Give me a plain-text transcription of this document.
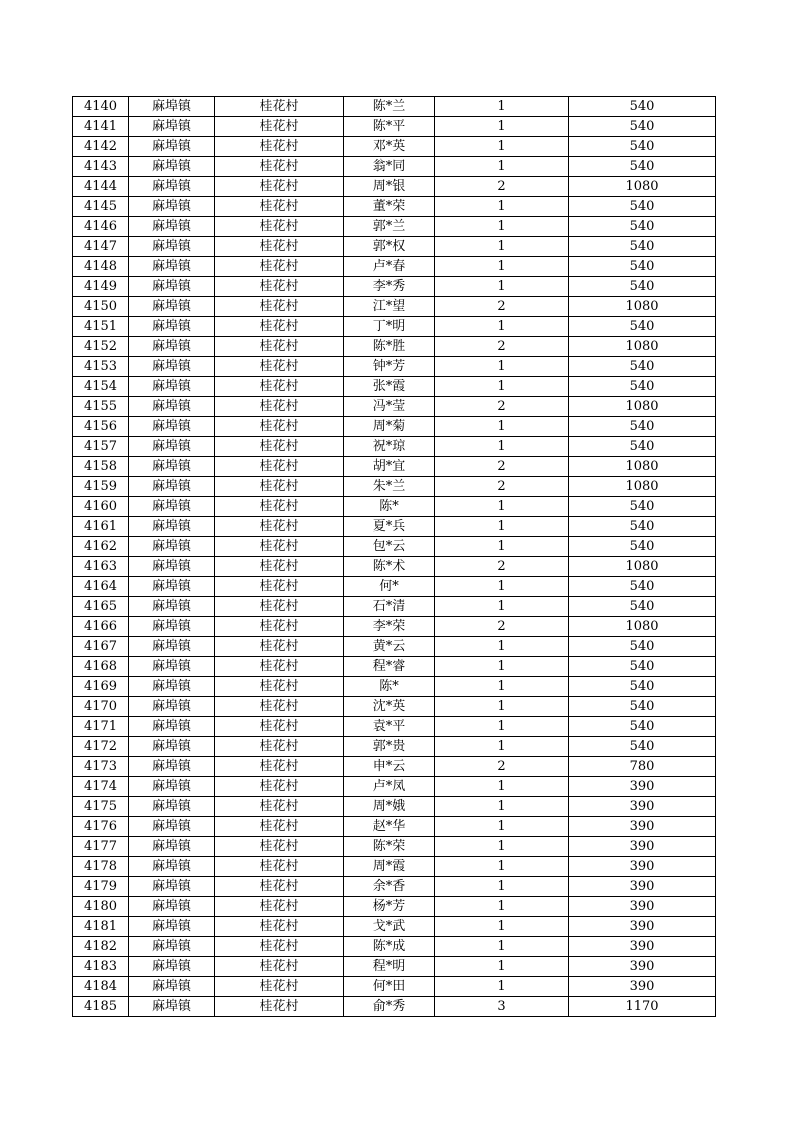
4140	麻埠镇	桂花村	陈*兰	1	540
4141	麻埠镇	桂花村	陈*平	1	540
4142	麻埠镇	桂花村	邓*英	1	540
4143	麻埠镇	桂花村	翁*同	1	540
4144	麻埠镇	桂花村	周*银	2	1080
4145	麻埠镇	桂花村	董*荣	1	540
4146	麻埠镇	桂花村	郭*兰	1	540
4147	麻埠镇	桂花村	郭*权	1	540
4148	麻埠镇	桂花村	卢*春	1	540
4149	麻埠镇	桂花村	李*秀	1	540
4150	麻埠镇	桂花村	江*望	2	1080
4151	麻埠镇	桂花村	丁*明	1	540
4152	麻埠镇	桂花村	陈*胜	2	1080
4153	麻埠镇	桂花村	钟*芳	1	540
4154	麻埠镇	桂花村	张*霞	1	540
4155	麻埠镇	桂花村	冯*莹	2	1080
4156	麻埠镇	桂花村	周*菊	1	540
4157	麻埠镇	桂花村	祝*琼	1	540
4158	麻埠镇	桂花村	胡*宜	2	1080
4159	麻埠镇	桂花村	朱*兰	2	1080
4160	麻埠镇	桂花村	陈*	1	540
4161	麻埠镇	桂花村	夏*兵	1	540
4162	麻埠镇	桂花村	包*云	1	540
4163	麻埠镇	桂花村	陈*术	2	1080
4164	麻埠镇	桂花村	何*	1	540
4165	麻埠镇	桂花村	石*清	1	540
4166	麻埠镇	桂花村	李*荣	2	1080
4167	麻埠镇	桂花村	黄*云	1	540
4168	麻埠镇	桂花村	程*睿	1	540
4169	麻埠镇	桂花村	陈*	1	540
4170	麻埠镇	桂花村	沈*英	1	540
4171	麻埠镇	桂花村	袁*平	1	540
4172	麻埠镇	桂花村	郭*贵	1	540
4173	麻埠镇	桂花村	申*云	2	780
4174	麻埠镇	桂花村	卢*凤	1	390
4175	麻埠镇	桂花村	周*娥	1	390
4176	麻埠镇	桂花村	赵*华	1	390
4177	麻埠镇	桂花村	陈*荣	1	390
4178	麻埠镇	桂花村	周*霞	1	390
4179	麻埠镇	桂花村	余*香	1	390
4180	麻埠镇	桂花村	杨*芳	1	390
4181	麻埠镇	桂花村	戈*武	1	390
4182	麻埠镇	桂花村	陈*成	1	390
4183	麻埠镇	桂花村	程*明	1	390
4184	麻埠镇	桂花村	何*田	1	390
4185	麻埠镇	桂花村	俞*秀	3	1170
